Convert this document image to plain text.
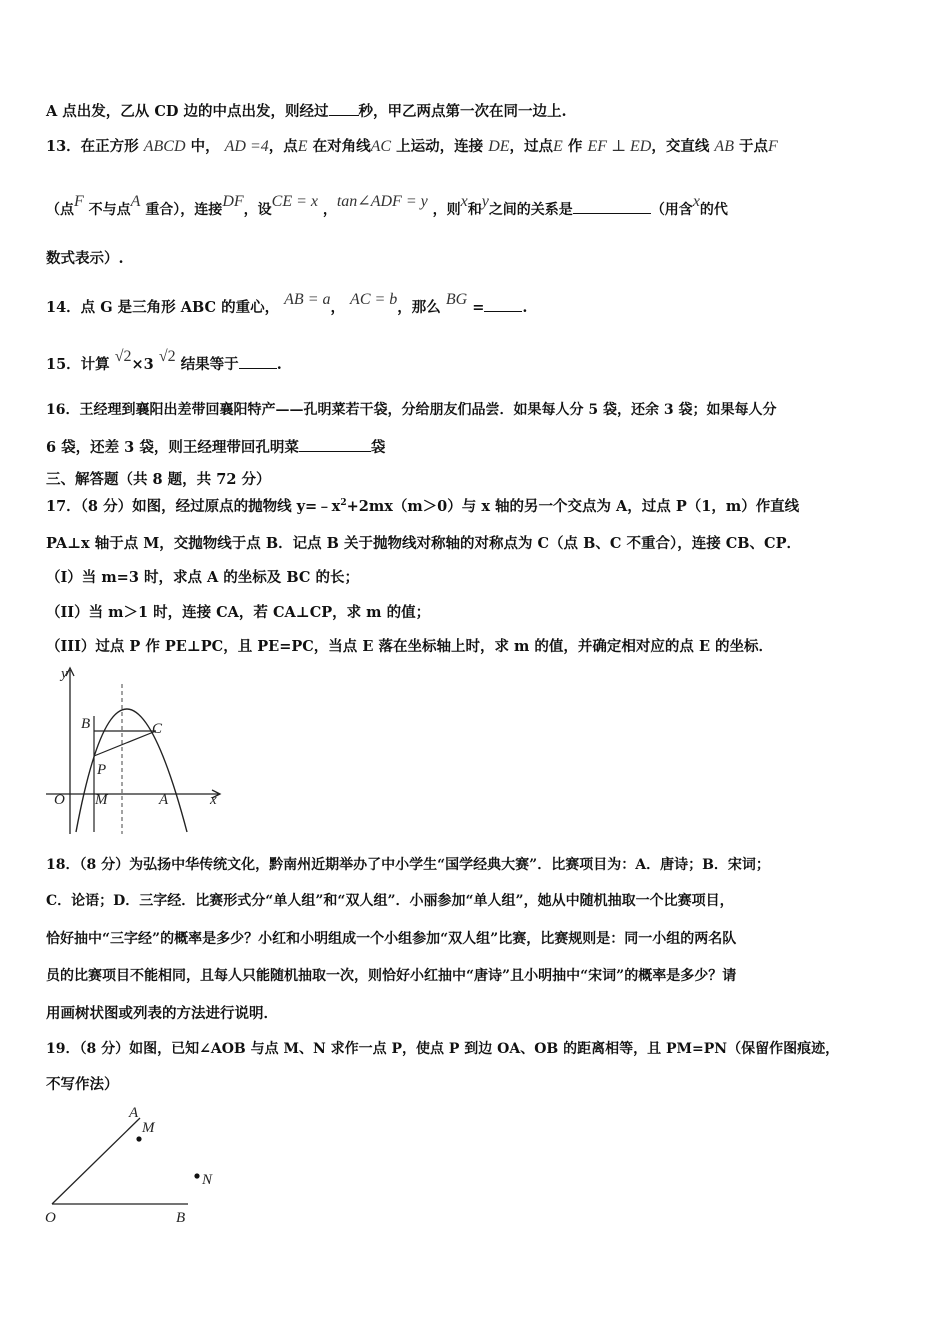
A 点出发，乙从 CD 边的中点出发，则经过 秒，甲乙两点第一次在同一边上.
13．在正方形 ABCD 中， AD =4，点E 在对角线AC 上运动，连接 DE，过点E 作 EF ⊥ ED，交直线 AB 于点F
（点F 不与点A 重合），连接DF，设CE = x ，tan∠ADF = y ，则x和y之间的关系是	（用含x的代
数式表示）.
14．点 G 是三角形 ABC 的重心， AB = a， AC = b，那么 BG =	.
15．计算 √2×3 √2 结果等于	.
16．王经理到襄阳出差带回襄阳特产——孔明菜若干袋，分给朋友们品尝．如果每人分 5 袋，还余 3 袋；如果每人分
6 袋，还差 3 袋，则王经理带回孔明菜	袋
三、解答题（共 8 题，共 72 分）
17．（8 分）如图，经过原点的抛物线 $y=﹣x^2+2mx(m>0)$与 x 轴的另一个交点为 A，过点 P（1，m）作直线
PA⊥x 轴于点 M，交抛物线于点 B．记点 B 关于抛物线对称轴的对称点为 C（点 B、C 不重合），连接 CB、CP．
（I）当 m=3 时，求点 A 的坐标及 BC 的长；
（II）当 m＞1 时，连接 CA，若 CA⊥CP，求 m 的值；
（III）过点 P 作 PE⊥PC，且 PE=PC，当点 E 落在坐标轴上时，求 m 的值，并确定相对应的点 E 的坐标．
y
B	C
P
O M	A	x
18．（8 分）为弘扬中华传统文化，黔南州近期举办了中小学生“国学经典大赛”．比赛项目为：A．唐诗；B．宋词；
C．论语；D．三字经．比赛形式分“单人组”和“双人组”．小丽参加“单人组”，她从中随机抽取一个比赛项目，
恰好抽中“三字经”的概率是多少？小红和小明组成一个小组参加“双人组”比赛，比赛规则是：同一小组的两名队
员的比赛项目不能相同，且每人只能随机抽取一次，则恰好小红抽中“唐诗”且小明抽中“宋词”的概率是多少？请
用画树状图或列表的方法进行说明．
19．（8 分）如图，已知∠AOB 与点 M、N 求作一点 P，使点 P 到边 OA、OB 的距离相等，且 PM=PN（保留作图痕迹，
不写作法）
A
M
N
O	B
